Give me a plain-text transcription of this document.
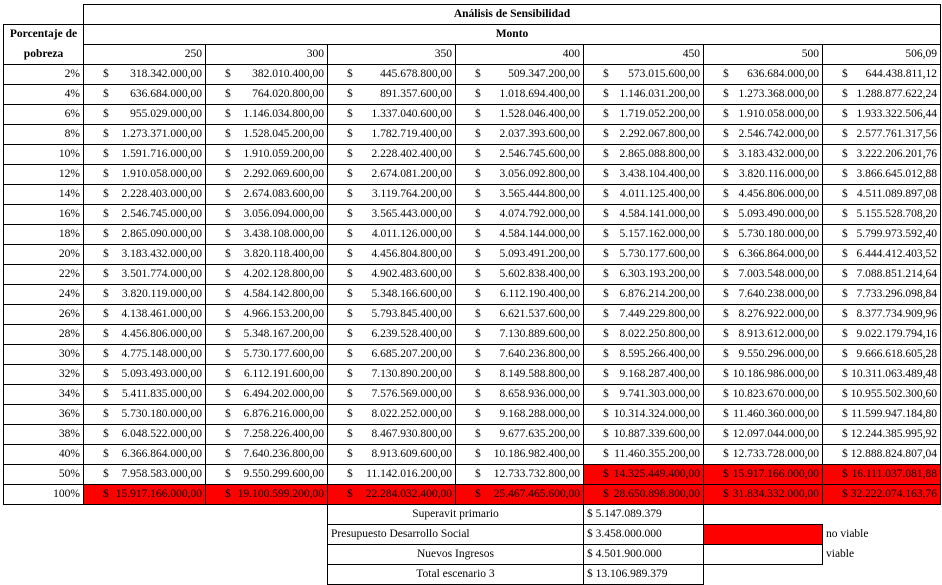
	Análisis de Sensibilidad						
Porcentaje de	Monto						
pobreza	250	300	350	400	450	500	506,09
2%	$ 318.342.000,00	$ 382.010.400,00	$ 445.678.800,00	$ 509.347.200,00	$ 573.015.600,00	$ 636.684.000,00	$ 644.438.811,12

4%	$ 636.684.000,00	$ 764.020.800,00	$ 891.357.600,00	$ 1.018.694.400,00	$ 1.146.031.200,00	$ 1.273.368.000,00	$ 1.288.877.622,24

6%	$ 955.029.000,00	$ 1.146.034.800,00	$ 1.337.040.600,00	$ 1.528.046.400,00	$ 1.719.052.200,00	$ 1.910.058.000,00	$ 1.933.322.506,44

8%	$ 1.273.371.000,00	$ 1.528.045.200,00	$ 1.782.719.400,00	$ 2.037.393.600,00	$ 2.292.067.800,00	$ 2.546.742.000,00	$ 2.577.761.317,56

10%	$ 1.591.716.000,00	$ 1.910.059.200,00	$ 2.228.402.400,00	$ 2.546.745.600,00	$ 2.865.088.800,00	$ 3.183.432.000,00	$ 3.222.206.201,76

12%	$ 1.910.058.000,00	$ 2.292.069.600,00	$ 2.674.081.200,00	$ 3.056.092.800,00	$ 3.438.104.400,00	$ 3.820.116.000,00	$ 3.866.645.012,88

14%	$ 2.228.403.000,00	$ 2.674.083.600,00	$ 3.119.764.200,00	$ 3.565.444.800,00	$ 4.011.125.400,00	$ 4.456.806.000,00	$ 4.511.089.897,08

16%	$ 2.546.745.000,00	$ 3.056.094.000,00	$ 3.565.443.000,00	$ 4.074.792.000,00	$ 4.584.141.000,00	$ 5.093.490.000,00	$ 5.155.528.708,20

18%	$ 2.865.090.000,00	$ 3.438.108.000,00	$ 4.011.126.000,00	$ 4.584.144.000,00	$ 5.157.162.000,00	$ 5.730.180.000,00	$ 5.799.973.592,40

20%	$ 3.183.432.000,00	$ 3.820.118.400,00	$ 4.456.804.800,00	$ 5.093.491.200,00	$ 5.730.177.600,00	$ 6.366.864.000,00	$ 6.444.412.403,52

22%	$ 3.501.774.000,00	$ 4.202.128.800,00	$ 4.902.483.600,00	$ 5.602.838.400,00	$ 6.303.193.200,00	$ 7.003.548.000,00	$ 7.088.851.214,64

24%	$ 3.820.119.000,00	$ 4.584.142.800,00	$ 5.348.166.600,00	$ 6.112.190.400,00	$ 6.876.214.200,00	$ 7.640.238.000,00	$ 7.733.296.098,84

26%	$ 4.138.461.000,00	$ 4.966.153.200,00	$ 5.793.845.400,00	$ 6.621.537.600,00	$ 7.449.229.800,00	$ 8.276.922.000,00	$ 8.377.734.909,96

28%	$ 4.456.806.000,00	$ 5.348.167.200,00	$ 6.239.528.400,00	$ 7.130.889.600,00	$ 8.022.250.800,00	$ 8.913.612.000,00	$ 9.022.179.794,16

30%	$ 4.775.148.000,00	$ 5.730.177.600,00	$ 6.685.207.200,00	$ 7.640.236.800,00	$ 8.595.266.400,00	$ 9.550.296.000,00	$ 9.666.618.605,28

32%	$ 5.093.493.000,00	$ 6.112.191.600,00	$ 7.130.890.200,00	$ 8.149.588.800,00	$ 9.168.287.400,00	$ 10.186.986.000,00	$ 10.311.063.489,48

34%	$ 5.411.835.000,00	$ 6.494.202.000,00	$ 7.576.569.000,00	$ 8.658.936.000,00	$ 9.741.303.000,00	$ 10.823.670.000,00	$ 10.955.502.300,60

36%	$ 5.730.180.000,00	$ 6.876.216.000,00	$ 8.022.252.000,00	$ 9.168.288.000,00	$ 10.314.324.000,00	$ 11.460.360.000,00	$ 11.599.947.184,80

38%	$ 6.048.522.000,00	$ 7.258.226.400,00	$ 8.467.930.800,00	$ 9.677.635.200,00	$ 10.887.339.600,00	$ 12.097.044.000,00	$ 12.244.385.995,92

40%	$ 6.366.864.000,00	$ 7.640.236.800,00	$ 8.913.609.600,00	$ 10.186.982.400,00	$ 11.460.355.200,00	$ 12.733.728.000,00	$ 12.888.824.807,04

50%	$ 7.958.583.000,00	$ 9.550.299.600,00	$ 11.142.016.200,00	$ 12.733.732.800,00	$ 14.325.449.400,00	$ 15.917.166.000,00	$ 16.111.037.081,88

100%	$ 15.917.166.000,00	$ 19.100.599.200,00	$ 22.284.032.400,00	$ 25.467.465.600,00	$ 28.650.898.800,00	$ 31.834.332.000,00	$ 32.222.074.163,76

			Superavit primario		$ 5.147.089.379		
			Presupuesto Desarrollo Social		$ 3.458.000.000		no viable
			Nuevos Ingresos		$ 4.501.900.000		viable
			Total escenario 3		$ 13.106.989.379		
